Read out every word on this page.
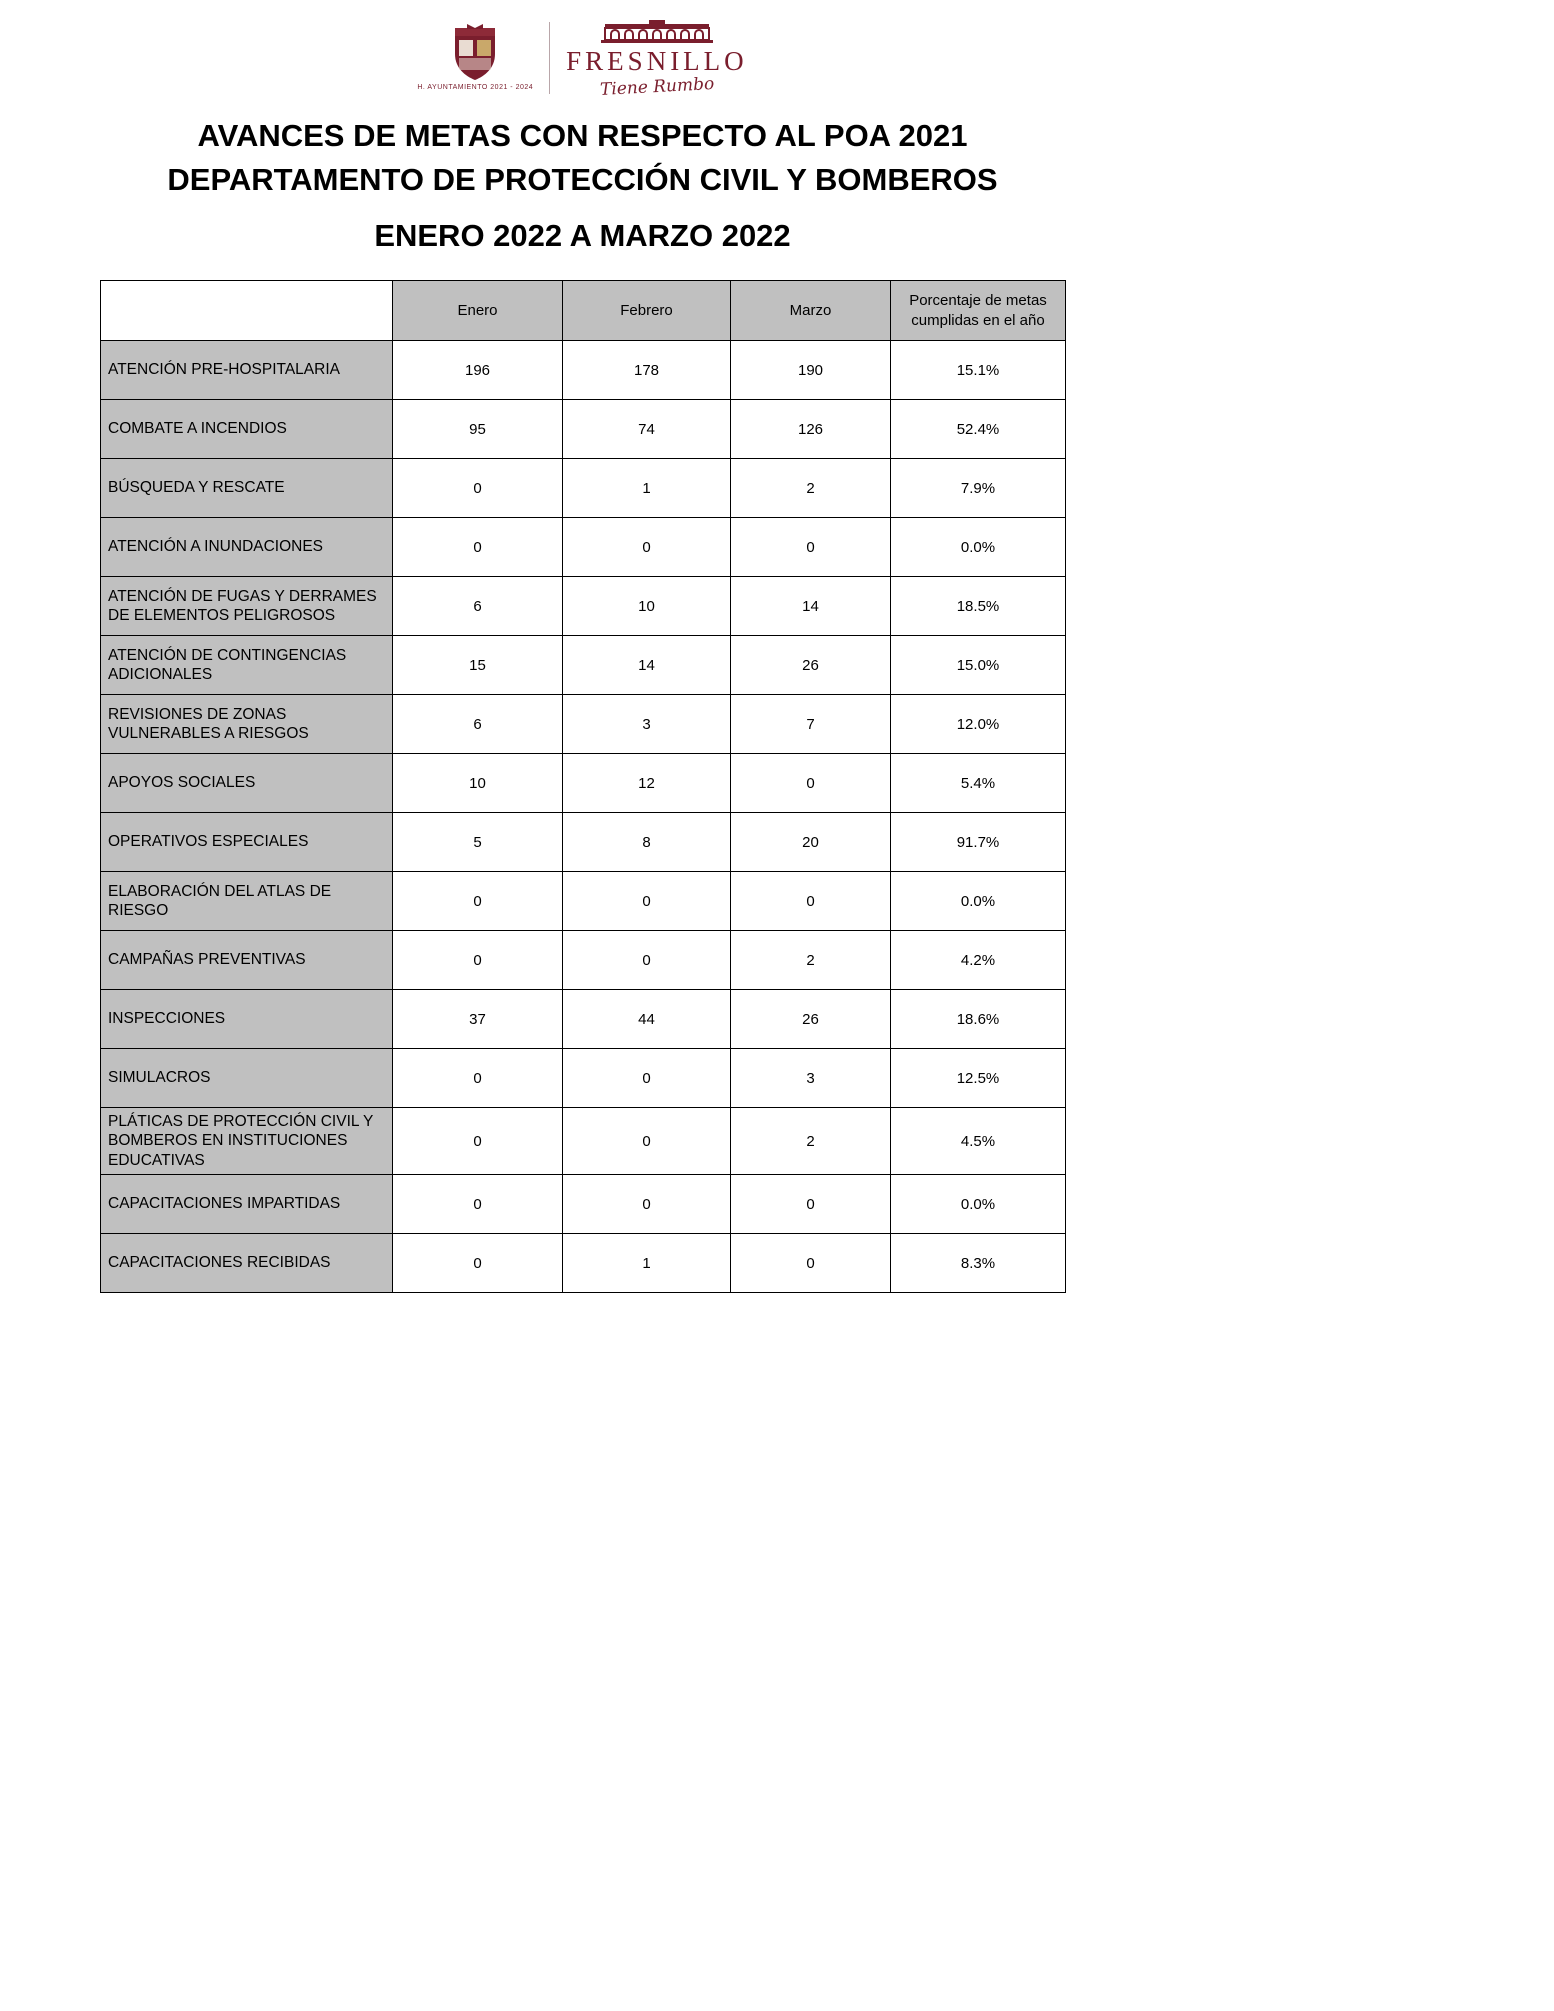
H. AYUNTAMIENTO 2021 - 2024
FRESNILLO
Tiene Rumbo

AVANCES DE METAS CON RESPECTO AL POA 2021 DEPARTAMENTO DE PROTECCIÓN CIVIL Y BOMBEROS

ENERO 2022 A MARZO 2022
	Enero	Febrero	Marzo	Porcentaje de metas cumplidas en el año
ATENCIÓN PRE-HOSPITALARIA	196	178	190	15.1%
COMBATE A INCENDIOS	95	74	126	52.4%
BÚSQUEDA Y RESCATE	0	1	2	7.9%
ATENCIÓN A INUNDACIONES	0	0	0	0.0%
ATENCIÓN DE FUGAS Y DERRAMES DE ELEMENTOS PELIGROSOS	6	10	14	18.5%
ATENCIÓN DE CONTINGENCIAS ADICIONALES	15	14	26	15.0%
REVISIONES DE ZONAS VULNERABLES A RIESGOS	6	3	7	12.0%
APOYOS SOCIALES	10	12	0	5.4%
OPERATIVOS ESPECIALES	5	8	20	91.7%
ELABORACIÓN DEL ATLAS DE RIESGO	0	0	0	0.0%
CAMPAÑAS PREVENTIVAS	0	0	2	4.2%
INSPECCIONES	37	44	26	18.6%
SIMULACROS	0	0	3	12.5%
PLÁTICAS DE PROTECCIÓN CIVIL Y BOMBEROS EN INSTITUCIONES EDUCATIVAS	0	0	2	4.5%
CAPACITACIONES IMPARTIDAS	0	0	0	0.0%
CAPACITACIONES RECIBIDAS	0	1	0	8.3%
